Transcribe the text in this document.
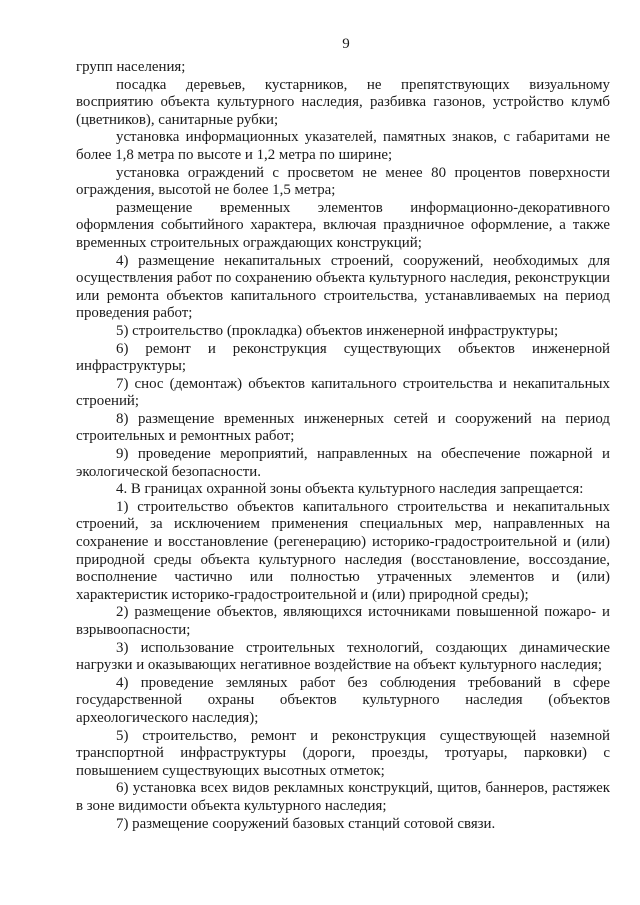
9

групп населения;

посадка деревьев, кустарников, не препятствующих визуальному восприятию объекта культурного наследия, разбивка газонов, устройство клумб (цветников), санитарные рубки;

установка информационных указателей, памятных знаков, с габаритами не более 1,8 метра по высоте и 1,2 метра по ширине;

установка ограждений с просветом не менее 80 процентов поверхности ограждения, высотой не более 1,5 метра;

размещение временных элементов информационно-декоративного оформления событийного характера, включая праздничное оформление, а также временных строительных ограждающих конструкций;

4) размещение некапитальных строений, сооружений, необходимых для осуществления работ по сохранению объекта культурного наследия, реконструкции или ремонта объектов капитального строительства, устанавливаемых на период проведения работ;

5) строительство (прокладка) объектов инженерной инфраструктуры;

6) ремонт и реконструкция существующих объектов инженерной инфраструктуры;

7) снос (демонтаж) объектов капитального строительства и некапитальных строений;

8) размещение временных инженерных сетей и сооружений на период строительных и ремонтных работ;

9) проведение мероприятий, направленных на обеспечение пожарной и экологической безопасности.

4. В границах охранной зоны объекта культурного наследия запрещается:

1) строительство объектов капитального строительства и некапитальных строений, за исключением применения специальных мер, направленных на сохранение и восстановление (регенерацию) историко-градостроительной и (или) природной среды объекта культурного наследия (восстановление, воссоздание, восполнение частично или полностью утраченных элементов и (или) характеристик историко-градостроительной и (или) природной среды);

2) размещение объектов, являющихся источниками повышенной пожаро- и взрывоопасности;

3) использование строительных технологий, создающих динамические нагрузки и оказывающих негативное воздействие на объект культурного наследия;

4) проведение земляных работ без соблюдения требований в сфере государственной охраны объектов культурного наследия (объектов археологического наследия);

5) строительство, ремонт и реконструкция существующей наземной транспортной инфраструктуры (дороги, проезды, тротуары, парковки) с повышением существующих высотных отметок;

6) установка всех видов рекламных конструкций, щитов, баннеров, растяжек в зоне видимости объекта культурного наследия;

7) размещение сооружений базовых станций сотовой связи.
